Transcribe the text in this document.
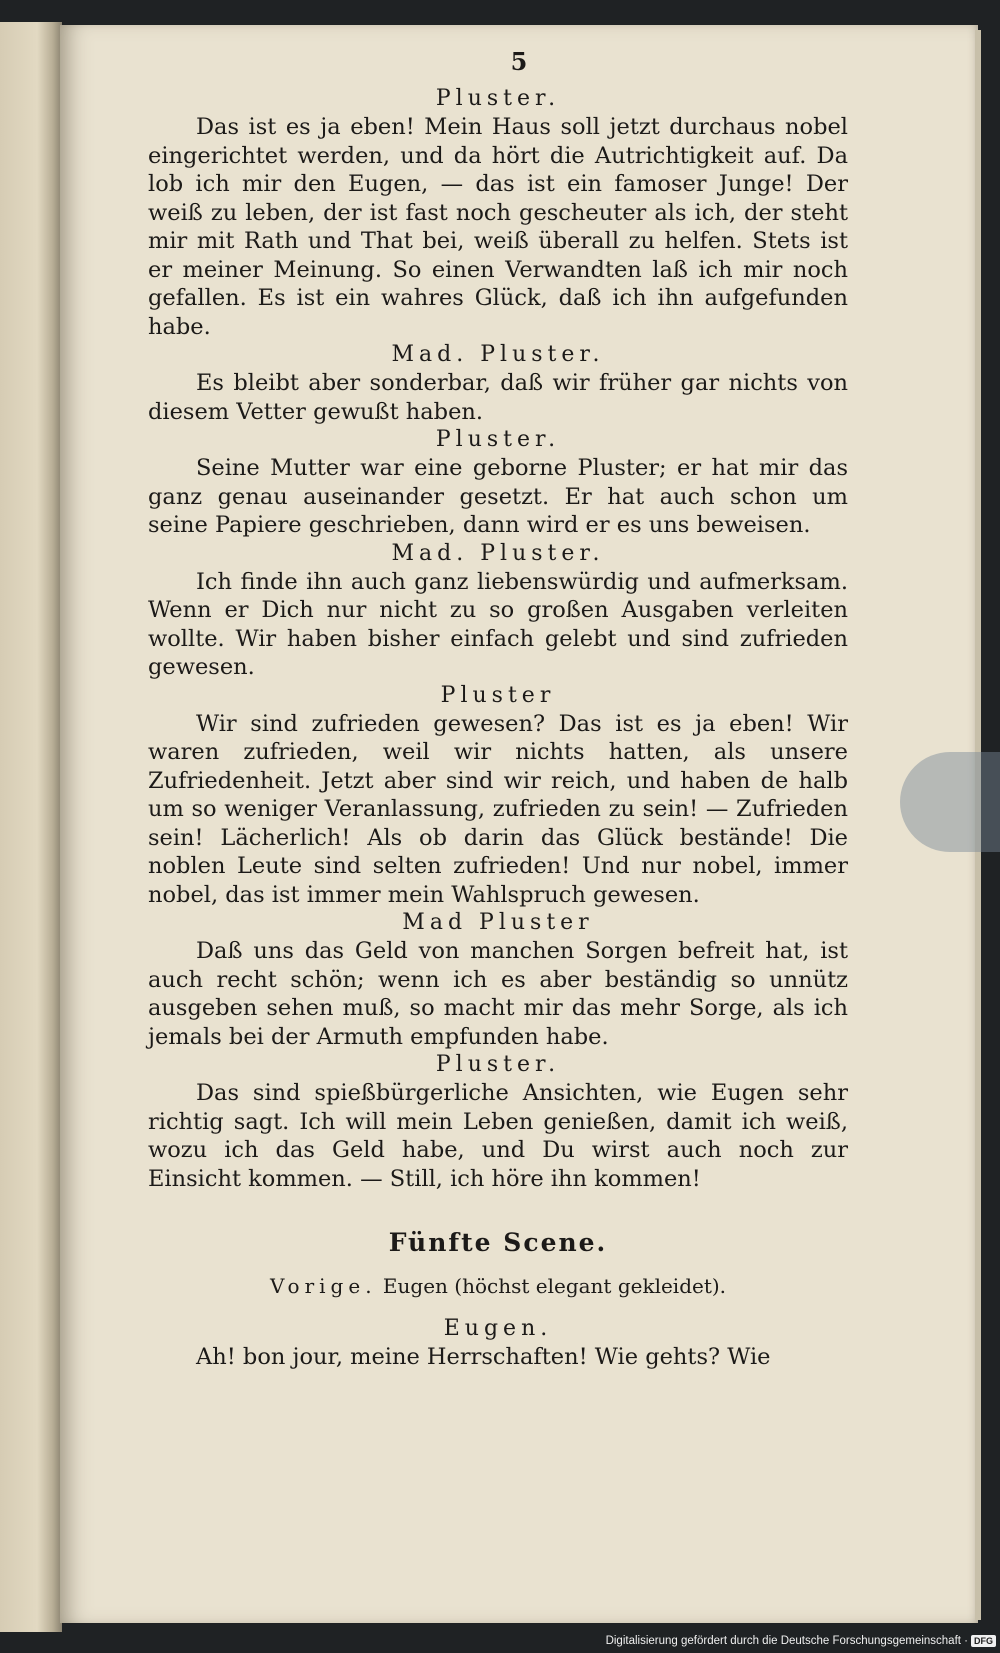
5

Pluster.

Das ist es ja eben! Mein Haus soll jetzt durchaus nobel eingerichtet werden, und da hört die Autrichtigkeit auf. Da lob ich mir den Eugen, — das ist ein famoser Junge! Der weiß zu leben, der ist fast noch gescheuter als ich, der steht mir mit Rath und That bei, weiß überall zu helfen. Stets ist er meiner Meinung. So einen Verwandten laß ich mir noch gefallen. Es ist ein wahres Glück, daß ich ihn aufgefunden habe.

Mad. Pluster.

Es bleibt aber sonderbar, daß wir früher gar nichts von diesem Vetter gewußt haben.

Pluster.

Seine Mutter war eine geborne Pluster; er hat mir das ganz genau auseinander gesetzt. Er hat auch schon um seine Papiere geschrieben, dann wird er es uns beweisen.

Mad. Pluster.

Ich finde ihn auch ganz liebenswürdig und aufmerksam. Wenn er Dich nur nicht zu so großen Ausgaben verleiten wollte. Wir haben bisher einfach gelebt und sind zufrieden gewesen.

Pluster

Wir sind zufrieden gewesen? Das ist es ja eben! Wir waren zufrieden, weil wir nichts hatten, als unsere Zufriedenheit. Jetzt aber sind wir reich, und haben de halb um so weniger Veranlassung, zufrieden zu sein! — Zufrieden sein! Lächerlich! Als ob darin das Glück bestände! Die noblen Leute sind selten zufrieden! Und nur nobel, immer nobel, das ist immer mein Wahlspruch gewesen.

Mad Pluster

Daß uns das Geld von manchen Sorgen befreit hat, ist auch recht schön; wenn ich es aber beständig so unnütz ausgeben sehen muß, so macht mir das mehr Sorge, als ich jemals bei der Armuth empfunden habe.

Pluster.

Das sind spießbürgerliche Ansichten, wie Eugen sehr richtig sagt. Ich will mein Leben genießen, damit ich weiß, wozu ich das Geld habe, und Du wirst auch noch zur Einsicht kommen. — Still, ich höre ihn kommen!

Fünfte Scene.
Vorige. Eugen (höchst elegant gekleidet).

Eugen.

Ah! bon jour, meine Herrschaften! Wie gehts? Wie

Digitalisierung gefördert durch die Deutsche Forschungsgemeinschaft · DFG
